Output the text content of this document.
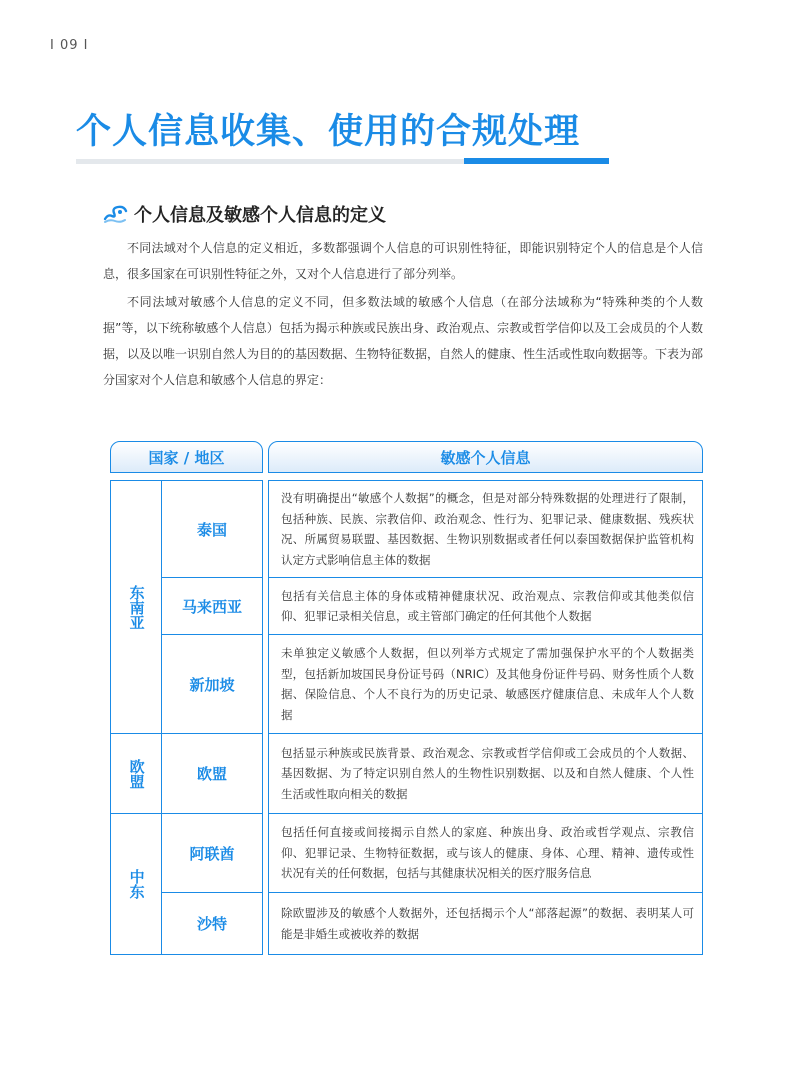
I 09 I
个人信息收集、使用的合规处理
个人信息及敏感个人信息的定义

不同法域对个人信息的定义相近，多数都强调个人信息的可识别性特征，即能识别特定个人的信息是个人信息，很多国家在可识别性特征之外，又对个人信息进行了部分列举。

不同法域对敏感个人信息的定义不同，但多数法域的敏感个人信息（在部分法域称为“特殊种类的个人数据”等，以下统称敏感个人信息）包括为揭示种族或民族出身、政治观点、宗教或哲学信仰以及工会成员的个人数据，以及以唯一识别自然人为目的的基因数据、生物特征数据，自然人的健康、性生活或性取向数据等。下表为部分国家对个人信息和敏感个人信息的界定：

国家 / 地区	敏感个人信息
东南亚
欧盟
中东
泰国
马来西亚
新加坡
欧盟
阿联酋
沙特
没有明确提出“敏感个人数据”的概念，但是对部分特殊数据的处理进行了限制，包括种族、民族、宗教信仰、政治观念、性行为、犯罪记录、健康数据、残疾状况、所属贸易联盟、基因数据、生物识别数据或者任何以泰国数据保护监管机构认定方式影响信息主体的数据
包括有关信息主体的身体或精神健康状况、政治观点、宗教信仰或其他类似信仰、犯罪记录相关信息，或主管部门确定的任何其他个人数据
未单独定义敏感个人数据，但以列举方式规定了需加强保护水平的个人数据类型，包括新加坡国民身份证号码（NRIC）及其他身份证件号码、财务性质个人数据、保险信息、个人不良行为的历史记录、敏感医疗健康信息、未成年人个人数据
包括显示种族或民族背景、政治观念、宗教或哲学信仰或工会成员的个人数据、基因数据、为了特定识别自然人的生物性识别数据、以及和自然人健康、个人性生活或性取向相关的数据
包括任何直接或间接揭示自然人的家庭、种族出身、政治或哲学观点、宗教信仰、犯罪记录、生物特征数据，或与该人的健康、身体、心理、精神、遗传或性状况有关的任何数据，包括与其健康状况相关的医疗服务信息
除欧盟涉及的敏感个人数据外，还包括揭示个人“部落起源”的数据、表明某人可能是非婚生或被收养的数据
